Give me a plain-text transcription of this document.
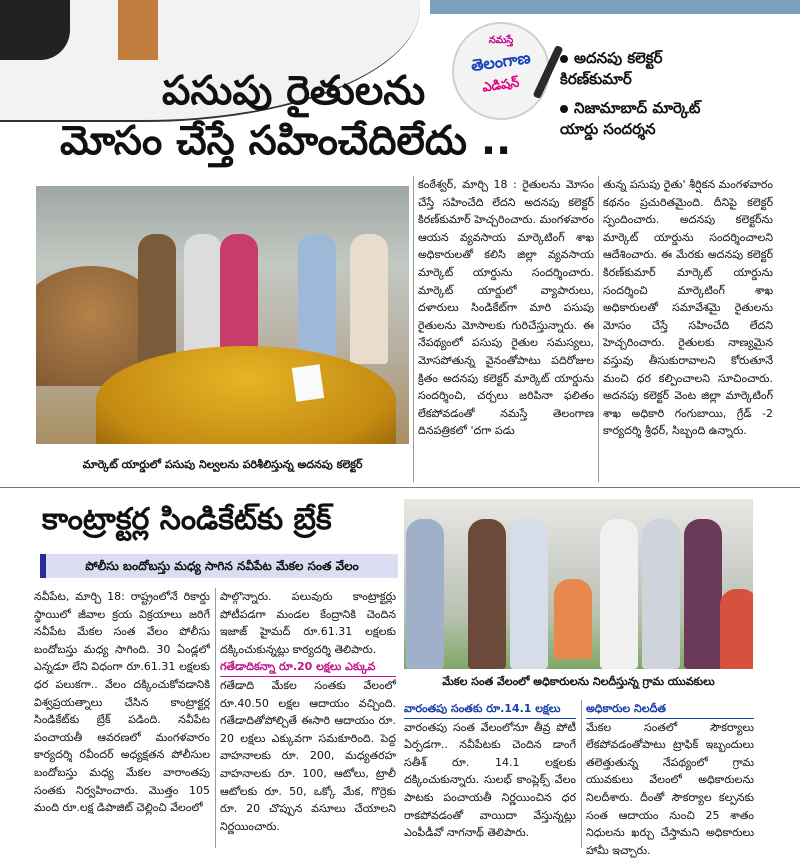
నమస్తే
తెలంగాణ
ఎడిషన్
పసుపు రైతులను
మోసం చేస్తే సహించేదిలేదు ..
అదనపు కలెక్టర్ కిరణ్‌కుమార్
నిజామాబాద్ మార్కెట్ యార్డు సందర్శన
మార్కెట్ యార్డులో పసుపు నిల్వలను పరిశీలిస్తున్న అదనపు కలెక్టర్
కంఠేశ్వర్, మార్చి 18 : రైతులను మోసం చేస్తే సహించేది లేదని అదనపు కలెక్టర్ కిరణ్‌కుమార్ హెచ్చరించారు. మంగళవారం ఆయన వ్యవసాయ మార్కెటింగ్ శాఖ అధికారులతో కలిసి జిల్లా వ్యవసాయ మార్కెట్ యార్డును సందర్శించారు. మార్కెట్ యార్డులో వ్యాపారులు, దళారులు సిండికేట్‌గా మారి పసుపు రైతులను మోసాలకు గురిచేస్తున్నారు. ఈ నేపథ్యంలో పసుపు రైతుల సమస్యలు, మోసపోతున్న వైనంతోపాటు పదిరోజుల క్రితం అదనపు కలెక్టర్ మార్కెట్ యార్డును సందర్శించి, చర్చలు జరిపినా ఫలితం లేకపోవడంతో నమస్తే తెలంగాణ దినపత్రికలో 'దగా పడు
తున్న పసుపు రైతు' శీర్షికన మంగళవారం కథనం ప్రచురితమైంది. దీనిపై కలెక్టర్ స్పందించారు. అదనపు కలెక్టర్‌ను మార్కెట్ యార్డును సందర్శించాలని ఆదేశించారు. ఈ మేరకు అదనపు కలెక్టర్ కిరణ్‌కుమార్ మార్కెట్ యార్డును సందర్శించి మార్కెటింగ్ శాఖ అధికారులతో సమావేశమై రైతులను మోసం చేస్తే సహించేది లేదని హెచ్చరించారు. రైతులకు నాణ్యమైన వస్తువు తీసుకురావాలని కోరుతూనే మంచి ధర కల్పించాలని సూచించారు. అదనపు కలెక్టర్ వెంట జిల్లా మార్కెటింగ్ శాఖ అధికారి గంగుబాయి, గ్రేడ్ -2 కార్యదర్శి శ్రీధర్, సిబ్బంది ఉన్నారు.
కాంట్రాక్టర్ల సిండికేట్‌కు బ్రేక్
పోలీసు బందోబస్తు మధ్య సాగిన నవీపేట మేకల సంత వేలం
నవీపేట, మార్చి 18: రాష్ట్రంలోనే రికార్డు స్థాయిలో జీవాల క్రయ విక్రయాలు జరిగే నవీపేట మేకల సంత వేలం పోలీసు బందోబస్తు మధ్య సాగింది. 30 ఏండ్లలో ఎన్నడూ లేని విధంగా రూ.61.31 లక్షలకు ధర పలుకగా.. వేలం దక్కించుకోవడానికి విశ్వప్రయత్నాలు చేసిన కాంట్రాక్టర్ల సిండికేట్‌కు బ్రేక్ పడింది. నవీపేట పంచాయతీ ఆవరణలో మంగళవారం కార్యదర్శి రవీందర్ అధ్యక్షతన పోలీసుల బందోబస్తు మధ్య మేకల వారాంతపు సంతకు నిర్వహించారు. మొత్తం 105 మంది రూ.లక్ష డిపాజిట్ చెల్లించి వేలంలో
పాల్గొన్నారు. పలువురు కాంట్రాక్టర్లు పోటీపడగా మండల కేంద్రానికి చెందిన ఇజాజ్ హైమద్ రూ.61.31 లక్షలకు దక్కించుకున్నట్లు కార్యదర్శి తెలిపారు.
గతేడాదికన్నా రూ.20 లక్షలు ఎక్కువ
గతేడాది మేకల సంతకు వేలంలో రూ.40.50 లక్షల ఆదాయం వచ్చింది. గతేడాదితోపోల్చితే ఈసారి ఆదాయం రూ. 20 లక్షలు ఎక్కువగా సమకూరింది. పెద్ద వాహనాలకు రూ. 200, మధ్యతరహ వాహనాలకు రూ. 100, ఆటోలు, ట్రాలీ ఆటోలకు రూ. 50, ఒక్కో మేక, గొర్రెకు రూ. 20 చొప్పున వసూలు చేయాలని నిర్ణయించారు.
మేకల సంత వేలంలో అధికారులను నిలదీస్తున్న గ్రామ యువకులు
వారంతపు సంతకు రూ.14.1 లక్షలు
వారంతపు సంత వేలంలోనూ తీవ్ర పోటీ ఏర్పడగా.. నవీపేటకు చెందిన డాంగే సతీశ్ రూ. 14.1 లక్షలకు దక్కించుకున్నారు. సులభ్ కాంప్లెక్స్ వేలం పాటకు పంచాయతీ నిర్ణయించిన ధర రాకపోవడంతో వాయిదా వేస్తున్నట్లు ఎంపీడీవో నాగనాథ్ తెలిపారు.
అధికారుల నిలదీత
మేకల సంతలో సౌకర్యాలు లేకపోవడంతోపాటు ట్రాఫిక్ ఇబ్బందులు తలెత్తుతున్న నేపథ్యంలో గ్రామ యువకులు వేలంలో అధికారులను నిలదీశారు. దీంతో సౌకర్యాల కల్పనకు సంత ఆదాయం నుంచి 25 శాతం నిధులను ఖర్చు చేస్తామని అధికారులు హామీ ఇచ్చారు.
